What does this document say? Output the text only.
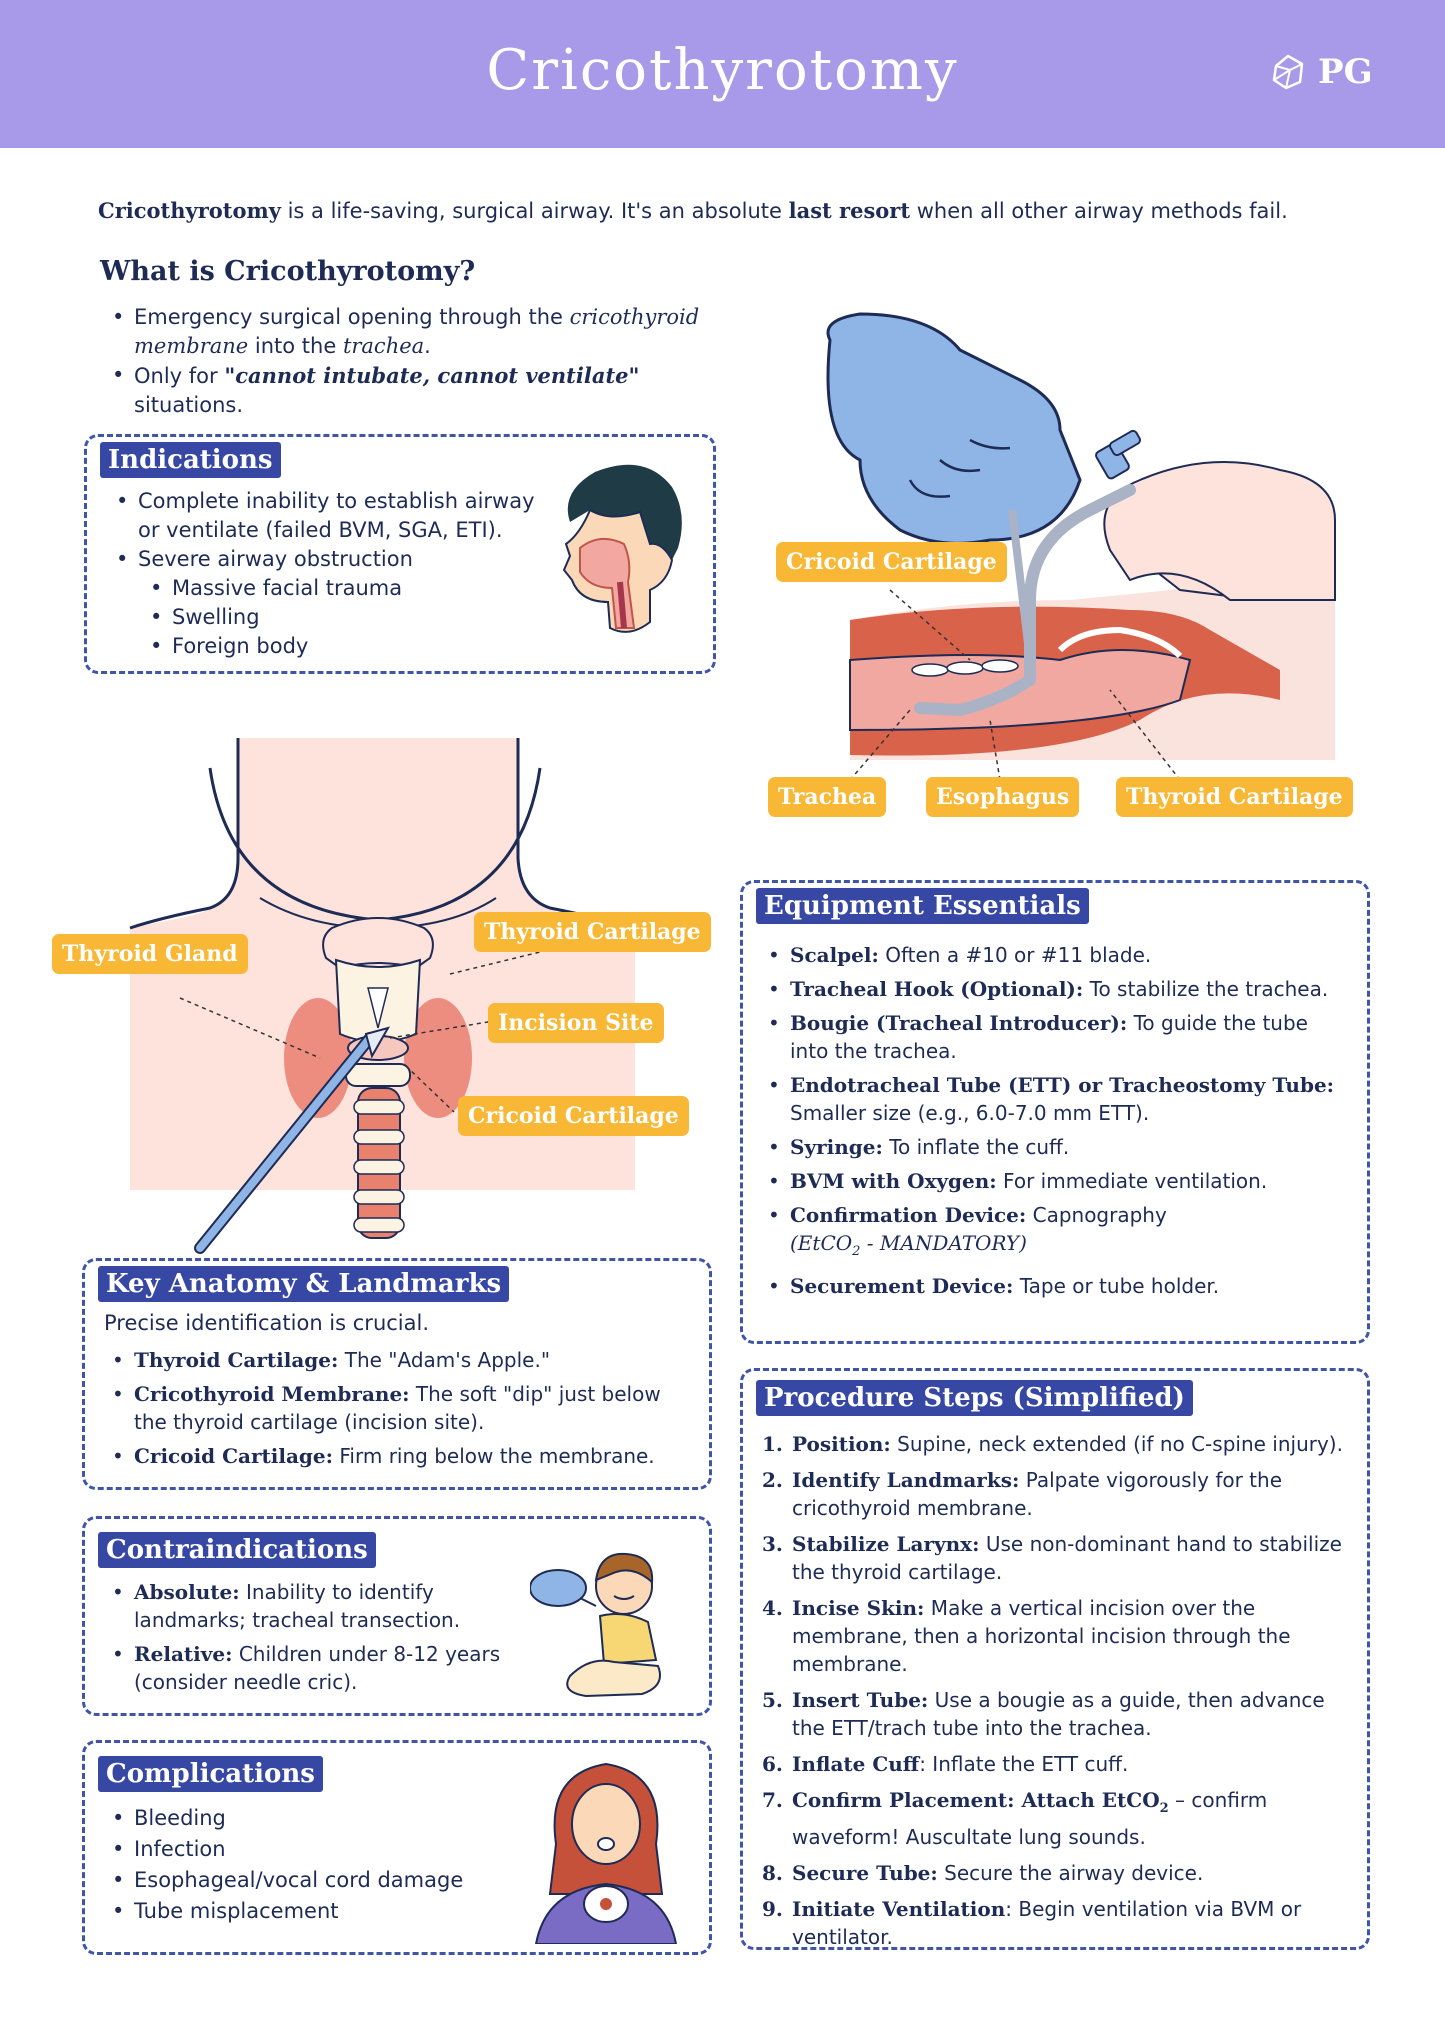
Cricothyrotomy	PG
Cricothyrotomy is a life-saving, surgical airway. It's an absolute last resort when all other airway methods fail.
What is Cricothyrotomy?
• Emergency surgical opening through the cricothyroid membrane into the trachea.
• Only for "cannot intubate, cannot ventilate" situations.
Indications
• Complete inability to establish airway or ventilate (failed BVM, SGA, ETI).
• Severe airway obstruction
• Massive facial trauma
• Swelling
• Foreign body
Cricoid Cartilage
Trachea	Esophagus	Thyroid Cartilage
Thyroid Gland
Thyroid Cartilage
Incision Site
Cricoid Cartilage
Key Anatomy & Landmarks
Precise identification is crucial.
• Thyroid Cartilage: The "Adam's Apple."
• Cricothyroid Membrane: The soft "dip" just below the thyroid cartilage (incision site).
• Cricoid Cartilage: Firm ring below the membrane.
Contraindications
• Absolute: Inability to identify landmarks; tracheal transection.
• Relative: Children under 8-12 years (consider needle cric).
Complications
• Bleeding
• Infection
• Esophageal/vocal cord damage
• Tube misplacement
Equipment Essentials
• Scalpel: Often a #10 or #11 blade.
• Tracheal Hook (Optional): To stabilize the trachea.
• Bougie (Tracheal Introducer): To guide the tube into the trachea.
• Endotracheal Tube (ETT) or Tracheostomy Tube: Smaller size (e.g., 6.0-7.0 mm ETT).
• Syringe: To inflate the cuff.
• BVM with Oxygen: For immediate ventilation.
• Confirmation Device: Capnography
(EtCO$_2$ - MANDATORY)
• Securement Device: Tape or tube holder.
Procedure Steps (Simplified)
1. Position: Supine, neck extended (if no C-spine injury).
2. Identify Landmarks: Palpate vigorously for the cricothyroid membrane.
3. Stabilize Larynx: Use non-dominant hand to stabilize the thyroid cartilage.
4. Incise Skin: Make a vertical incision over the membrane, then a horizontal incision through the membrane.
5. Insert Tube: Use a bougie as a guide, then advance the ETT/trach tube into the trachea.
6. Inflate Cuff: Inflate the ETT cuff.
7. Confirm Placement: Attach EtCO$_2$ – confirm waveform! Auscultate lung sounds.
8. Secure Tube: Secure the airway device.
9. Initiate Ventilation: Begin ventilation via BVM or ventilator.
